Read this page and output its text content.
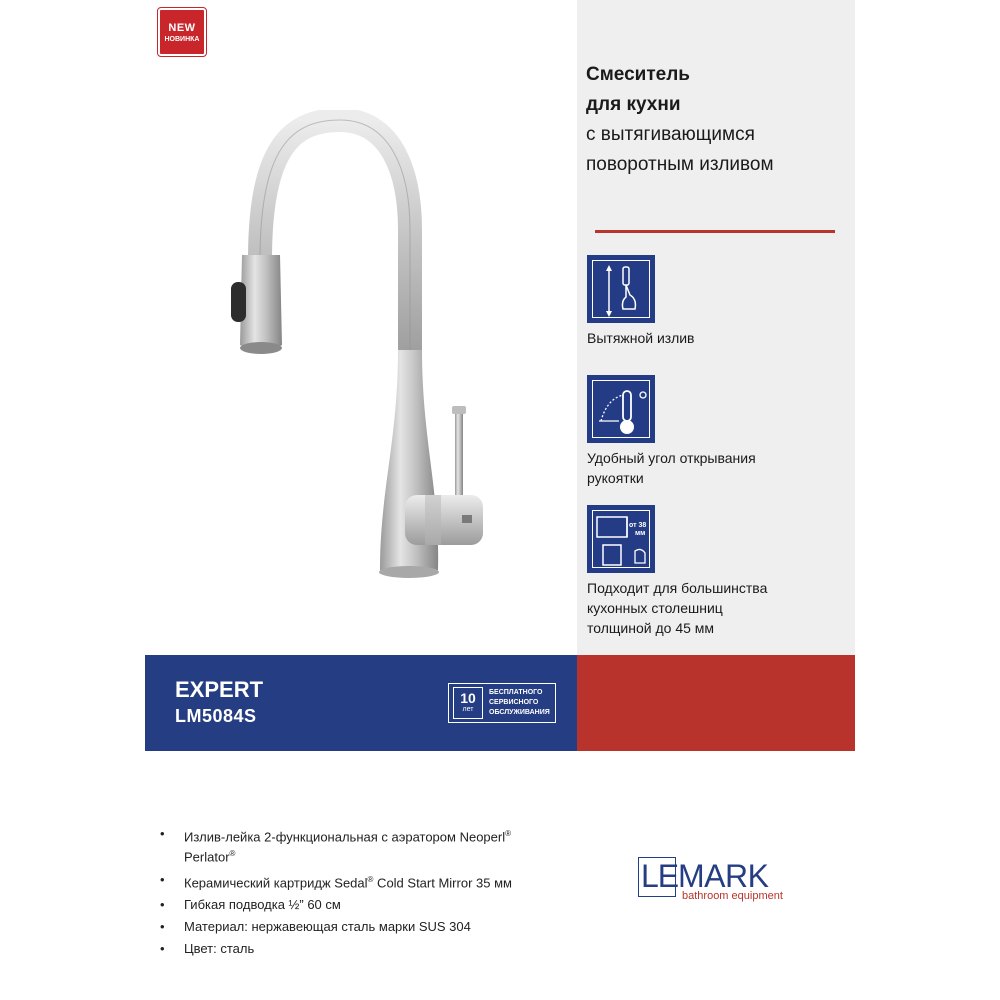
NEW
НОВИНКА
Смеситель
для кухни
с вытягивающимся
поворотным изливом
Вытяжной излив
Удобный угол открывания
рукоятки
от 38
мм
Подходит для большинства
кухонных столешниц
толщиной до 45 мм
EXPERT
LM5084S
10
лет
БЕСПЛАТНОГО
СЕРВИСНОГО
ОБСЛУЖИВАНИЯ
• Излив-лейка 2-функциональная с аэратором Neoperl®
Perlator®
• Керамический картридж Sedal® Cold Start Mirror 35 мм
• Гибкая подводка ½” 60 см
• Материал: нержавеющая сталь марки SUS 304
• Цвет: сталь
LE MARK
bathroom equipment
